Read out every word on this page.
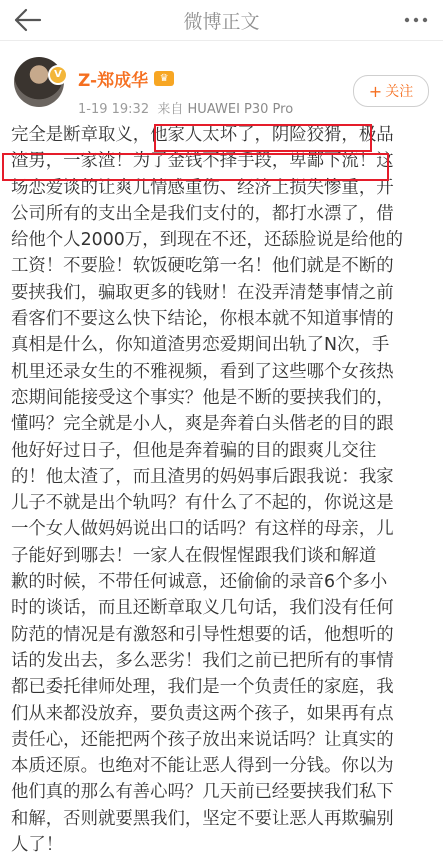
微博正文
V Z-郑成华	♛
1-19 19:32 来自 HUAWEI P30 Pro
+ 关注
完全是断章取义，他家人太坏了，阴险狡猾，极品
渣男，一家渣！为了金钱不择手段，卑鄙下流！这
场恋爱谈的让爽儿情感重伤、经济上损失惨重，开
公司所有的支出全是我们支付的，都打水漂了，借
给他个人2000万，到现在不还，还舔脸说是给他的
工资！不要脸！软饭硬吃第一名！他们就是不断的
要挟我们，骗取更多的钱财！在没弄清楚事情之前
看客们不要这么快下结论，你根本就不知道事情的
真相是什么，你知道渣男恋爱期间出轨了N次，手
机里还录女生的不雅视频，看到了这些哪个女孩热
恋期间能接受这个事实？他是不断的要挟我们的，
懂吗？完全就是小人，爽是奔着白头偕老的目的跟
他好好过日子，但他是奔着骗的目的跟爽儿交往
的！他太渣了，而且渣男的妈妈事后跟我说：我家
儿子不就是出个轨吗？有什么了不起的，你说这是
一个女人做妈妈说出口的话吗？有这样的母亲，儿
子能好到哪去！一家人在假惺惺跟我们谈和解道
歉的时候，不带任何诚意，还偷偷的录音6个多小
时的谈话，而且还断章取义几句话，我们没有任何
防范的情况是有激怒和引导性想要的话，他想听的
话的发出去，多么恶劣！我们之前已把所有的事情
都已委托律师处理，我们是一个负责任的家庭，我
们从来都没放弃，要负责这两个孩子，如果再有点
责任心，还能把两个孩子放出来说话吗？让真实的
本质还原。也绝对不能让恶人得到一分钱。你以为
他们真的那么有善心吗？几天前已经要挟我们私下
和解，否则就要黑我们，坚定不要让恶人再欺骗别
人了！
